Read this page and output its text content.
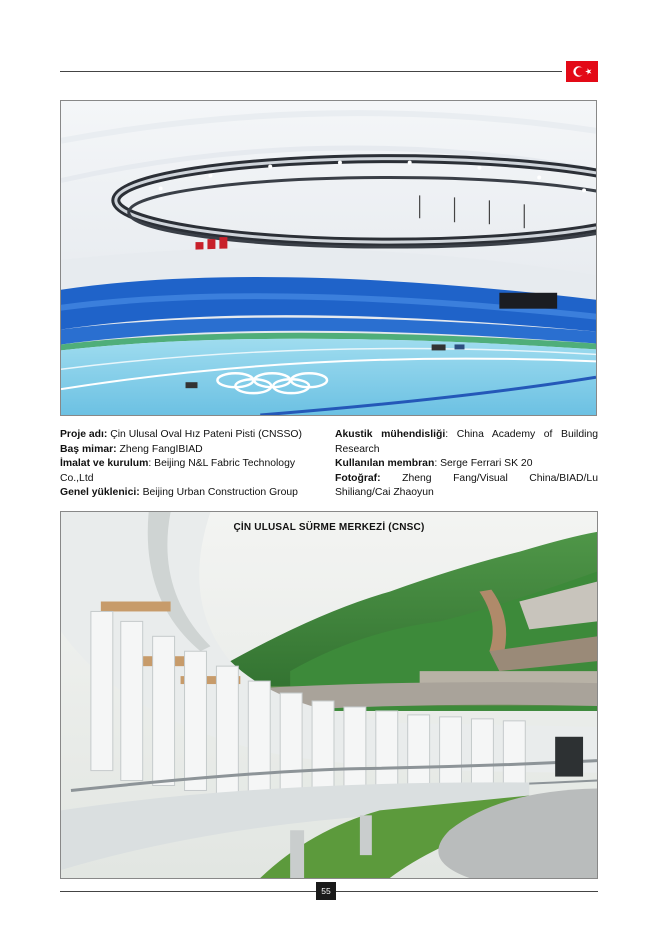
Proje adı: Çin Ulusal Oval Hız Pateni Pisti (CNSSO)
Baş mimar: Zheng FangIBIAD
İmalat ve kurulum: Beijing N&L Fabric Technology Co.,Ltd
Genel yüklenici: Beijing Urban Construction Group
Akustik mühendisliği: China Academy of Building Research
Kullanılan membran: Serge Ferrari SK 20
Fotoğraf: Zheng Fang/Visual China/BIAD/Lu Shiliang/Cai Zhaoyun
ÇİN ULUSAL SÜRME MERKEZİ (CNSC)
55
